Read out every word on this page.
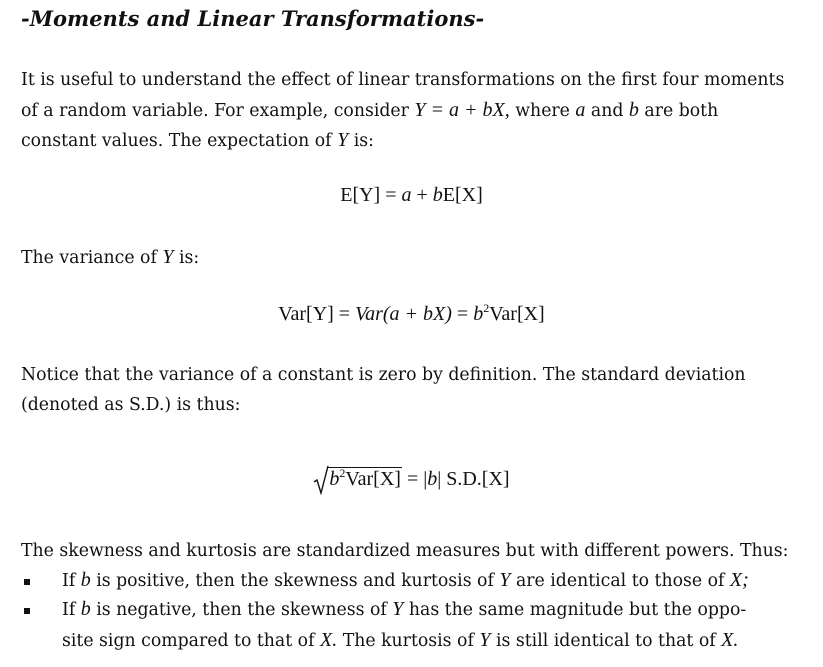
-Moments and Linear Transformations-
It is useful to understand the effect of linear transformations on the first four moments
of a random variable. For example, consider Y = a + bX, where a and b are both
constant values. The expectation of Y is:
E[Y] = a + bE[X]
The variance of Y is:
$Var[Y] = Var(a + bX) = b^2Var[X]$
Notice that the variance of a constant is zero by definition. The standard deviation
(denoted as S.D.) is thus:
$b^2Var[X] = |b|$ S.D.[X]
The skewness and kurtosis are standardized measures but with different powers. Thus:
If b is positive, then the skewness and kurtosis of Y are identical to those of X;
If b is negative, then the skewness of Y has the same magnitude but the oppo-
site sign compared to that of X. The kurtosis of Y is still identical to that of X.
